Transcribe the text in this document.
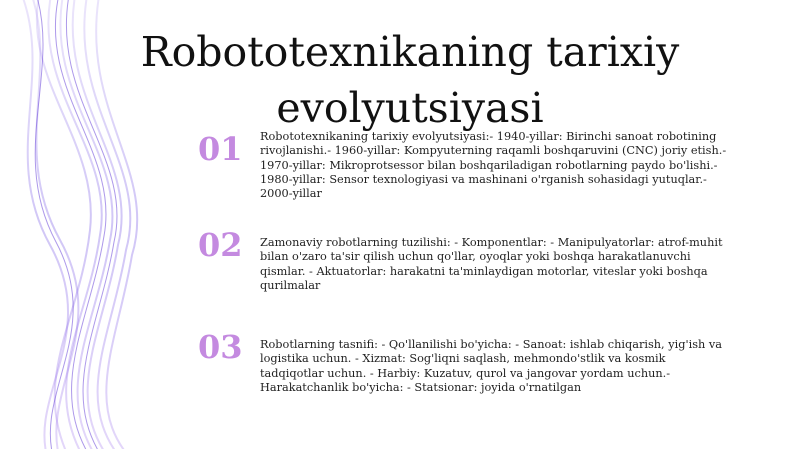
Robototexnikaning tarixiy evolyutsiyasi
01 Robototexnikaning tarixiy evolyutsiyasi:- 1940-yillar: Birinchi sanoat robotining rivojlanishi.- 1960-yillar: Kompyuterning raqamli boshqaruvini (CNC) joriy etish.- 1970-yillar: Mikroprotsessor bilan boshqariladigan robotlarning paydo bo'lishi.- 1980-yillar: Sensor texnologiyasi va mashinani o'rganish sohasidagi yutuqlar.- 2000-yillar
02 Zamonaviy robotlarning tuzilishi: - Komponentlar: - Manipulyatorlar: atrof-muhit bilan o'zaro ta'sir qilish uchun qo'llar, oyoqlar yoki boshqa harakatlanuvchi qismlar. - Aktuatorlar: harakatni ta'minlaydigan motorlar, viteslar yoki boshqa qurilmalar
03 Robotlarning tasnifi: - Qo'llanilishi bo'yicha: - Sanoat: ishlab chiqarish, yig'ish va logistika uchun. - Xizmat: Sog'liqni saqlash, mehmondo'stlik va kosmik tadqiqotlar uchun. - Harbiy: Kuzatuv, qurol va jangovar yordam uchun.- Harakatchanlik bo'yicha: - Statsionar: joyida o'rnatilgan
